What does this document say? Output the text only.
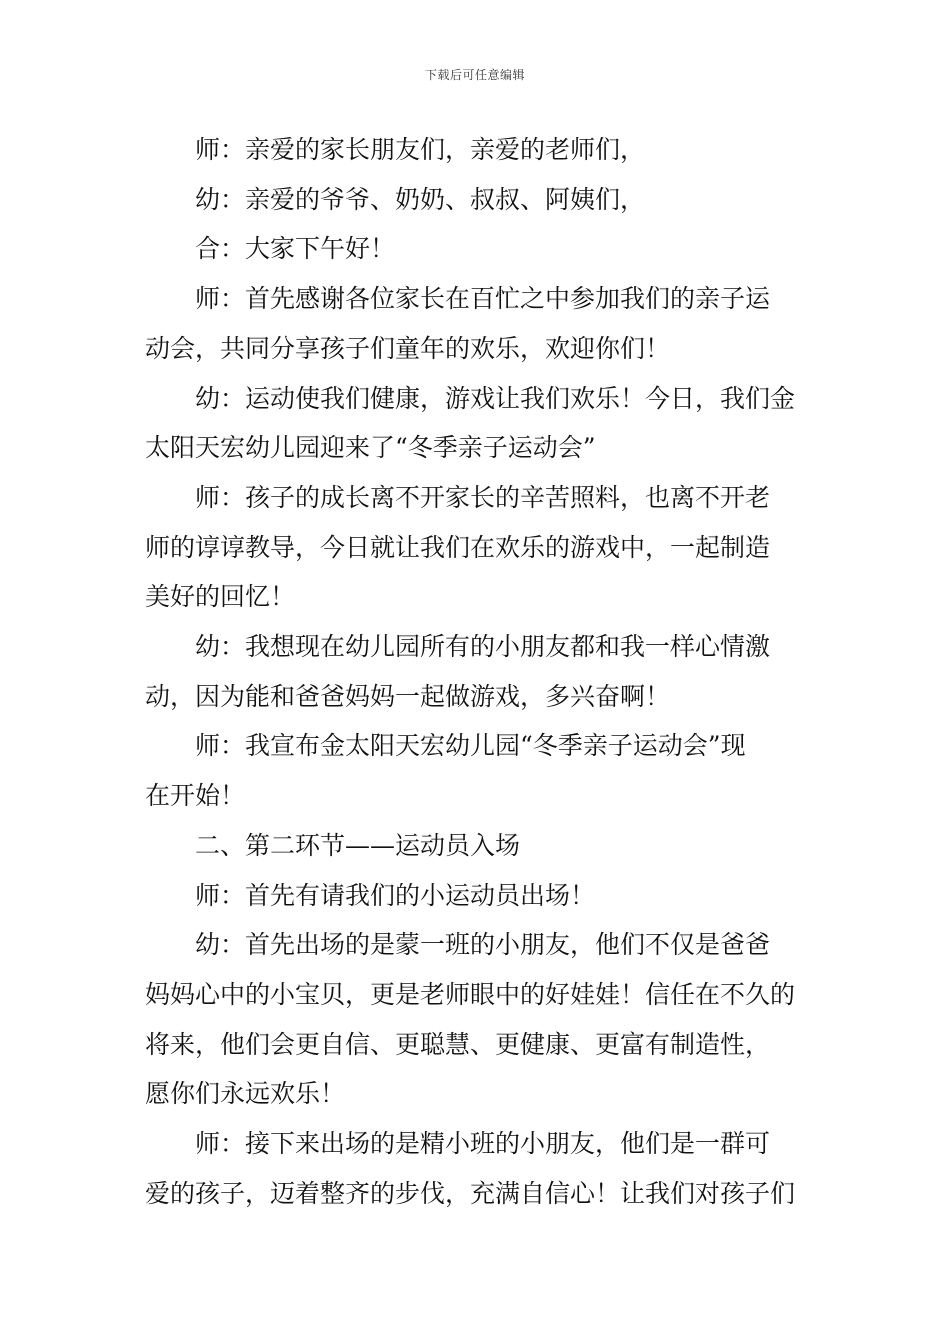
下载后可任意编辑

师：亲爱的家长朋友们，亲爱的老师们，

幼：亲爱的爷爷、奶奶、叔叔、阿姨们，

合：大家下午好！

师：首先感谢各位家长在百忙之中参加我们的亲子运
动会，共同分享孩子们童年的欢乐，欢迎你们！

幼：运动使我们健康，游戏让我们欢乐！今日，我们金
太阳天宏幼儿园迎来了“冬季亲子运动会”

师：孩子的成长离不开家长的辛苦照料，也离不开老
师的谆谆教导，今日就让我们在欢乐的游戏中，一起制造
美好的回忆！

幼：我想现在幼儿园所有的小朋友都和我一样心情激
动，因为能和爸爸妈妈一起做游戏，多兴奋啊！

师：我宣布金太阳天宏幼儿园“冬季亲子运动会”现
在开始！

二、第二环节——运动员入场

师：首先有请我们的小运动员出场！

幼：首先出场的是蒙一班的小朋友，他们不仅是爸爸
妈妈心中的小宝贝，更是老师眼中的好娃娃！信任在不久的
将来，他们会更自信、更聪慧、更健康、更富有制造性，
愿你们永远欢乐！

师：接下来出场的是精小班的小朋友，他们是一群可
爱的孩子，迈着整齐的步伐，充满自信心！让我们对孩子们
